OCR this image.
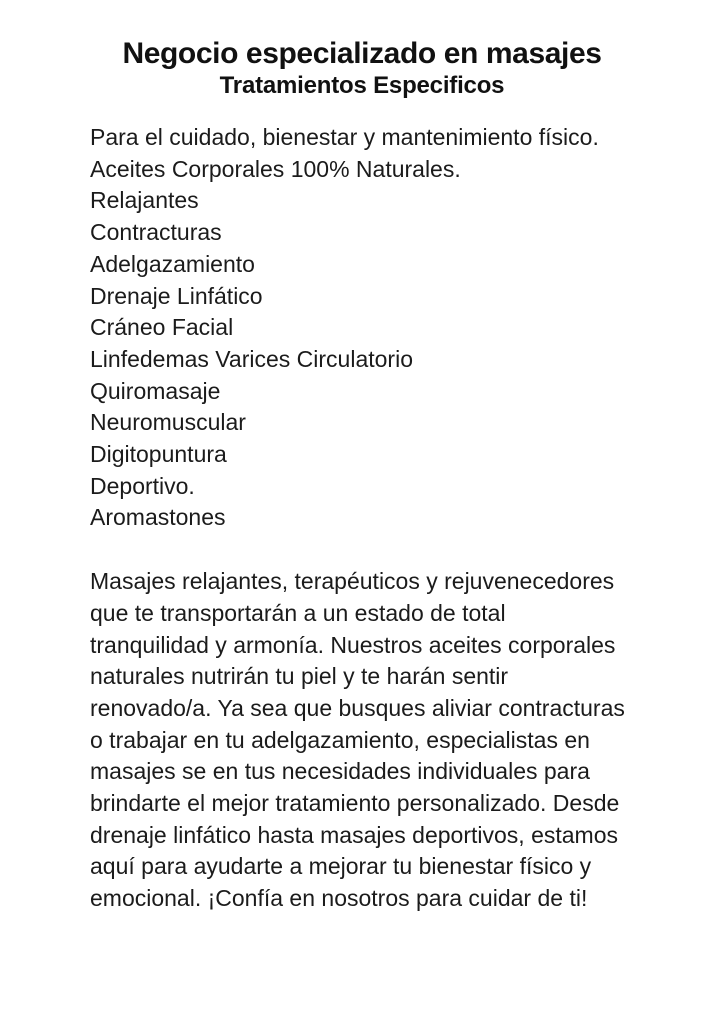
Negocio especializado en masajes
Tratamientos Especificos
Para el cuidado, bienestar y mantenimiento físico.
Aceites Corporales 100% Naturales.
Relajantes
Contracturas
Adelgazamiento
Drenaje Linfático
Cráneo Facial
Linfedemas Varices Circulatorio
Quiromasaje
Neuromuscular
Digitopuntura
Deportivo.
Aromastones
Masajes relajantes, terapéuticos y rejuvenecedores
que te transportarán a un estado de total
tranquilidad y armonía. Nuestros aceites corporales
naturales nutrirán tu piel y te harán sentir
renovado/a. Ya sea que busques aliviar contracturas
o trabajar en tu adelgazamiento, especialistas en
masajes se en tus necesidades individuales para
brindarte el mejor tratamiento personalizado. Desde
drenaje linfático hasta masajes deportivos, estamos
aquí para ayudarte a mejorar tu bienestar físico y
emocional. ¡Confía en nosotros para cuidar de ti!
